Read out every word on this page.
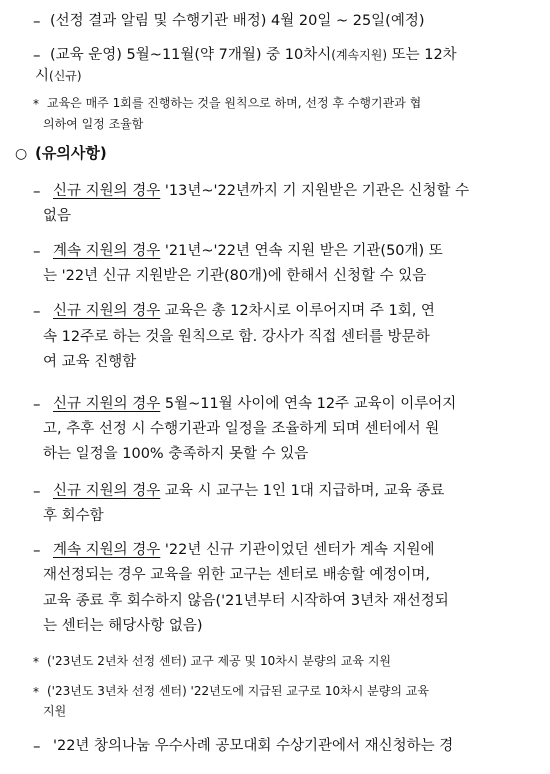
– (선정 결과 알림 및 수행기관 배정) 4월 20일 ~ 25일(예정)
– (교육 운영) 5월~11월(약 7개월) 중 10차시(계속지원) 또는 12차
시(신규)
* 교육은 매주 1회를 진행하는 것을 원칙으로 하며, 선정 후 수행기관과 협
의하여 일정 조율함
○ (유의사항)
– 신규 지원의 경우 '13년~'22년까지 기 지원받은 기관은 신청할 수
없음
– 계속 지원의 경우 '21년~'22년 연속 지원 받은 기관(50개) 또
는 '22년 신규 지원받은 기관(80개)에 한해서 신청할 수 있음
– 신규 지원의 경우 교육은 총 12차시로 이루어지며 주 1회, 연
속 12주로 하는 것을 원칙으로 함. 강사가 직접 센터를 방문하
여 교육 진행함
– 신규 지원의 경우 5월~11월 사이에 연속 12주 교육이 이루어지
고, 추후 선정 시 수행기관과 일정을 조율하게 되며 센터에서 원
하는 일정을 100% 충족하지 못할 수 있음
– 신규 지원의 경우 교육 시 교구는 1인 1대 지급하며, 교육 종료
후 회수함
– 계속 지원의 경우 '22년 신규 기관이었던 센터가 계속 지원에
재선정되는 경우 교육을 위한 교구는 센터로 배송할 예정이며,
교육 종료 후 회수하지 않음('21년부터 시작하여 3년차 재선정되
는 센터는 해당사항 없음)
* ('23년도 2년차 선정 센터) 교구 제공 및 10차시 분량의 교육 지원
* ('23년도 3년차 선정 센터) '22년도에 지급된 교구로 10차시 분량의 교육
지원
– '22년 창의나눔 우수사례 공모대회 수상기관에서 재신청하는 경
